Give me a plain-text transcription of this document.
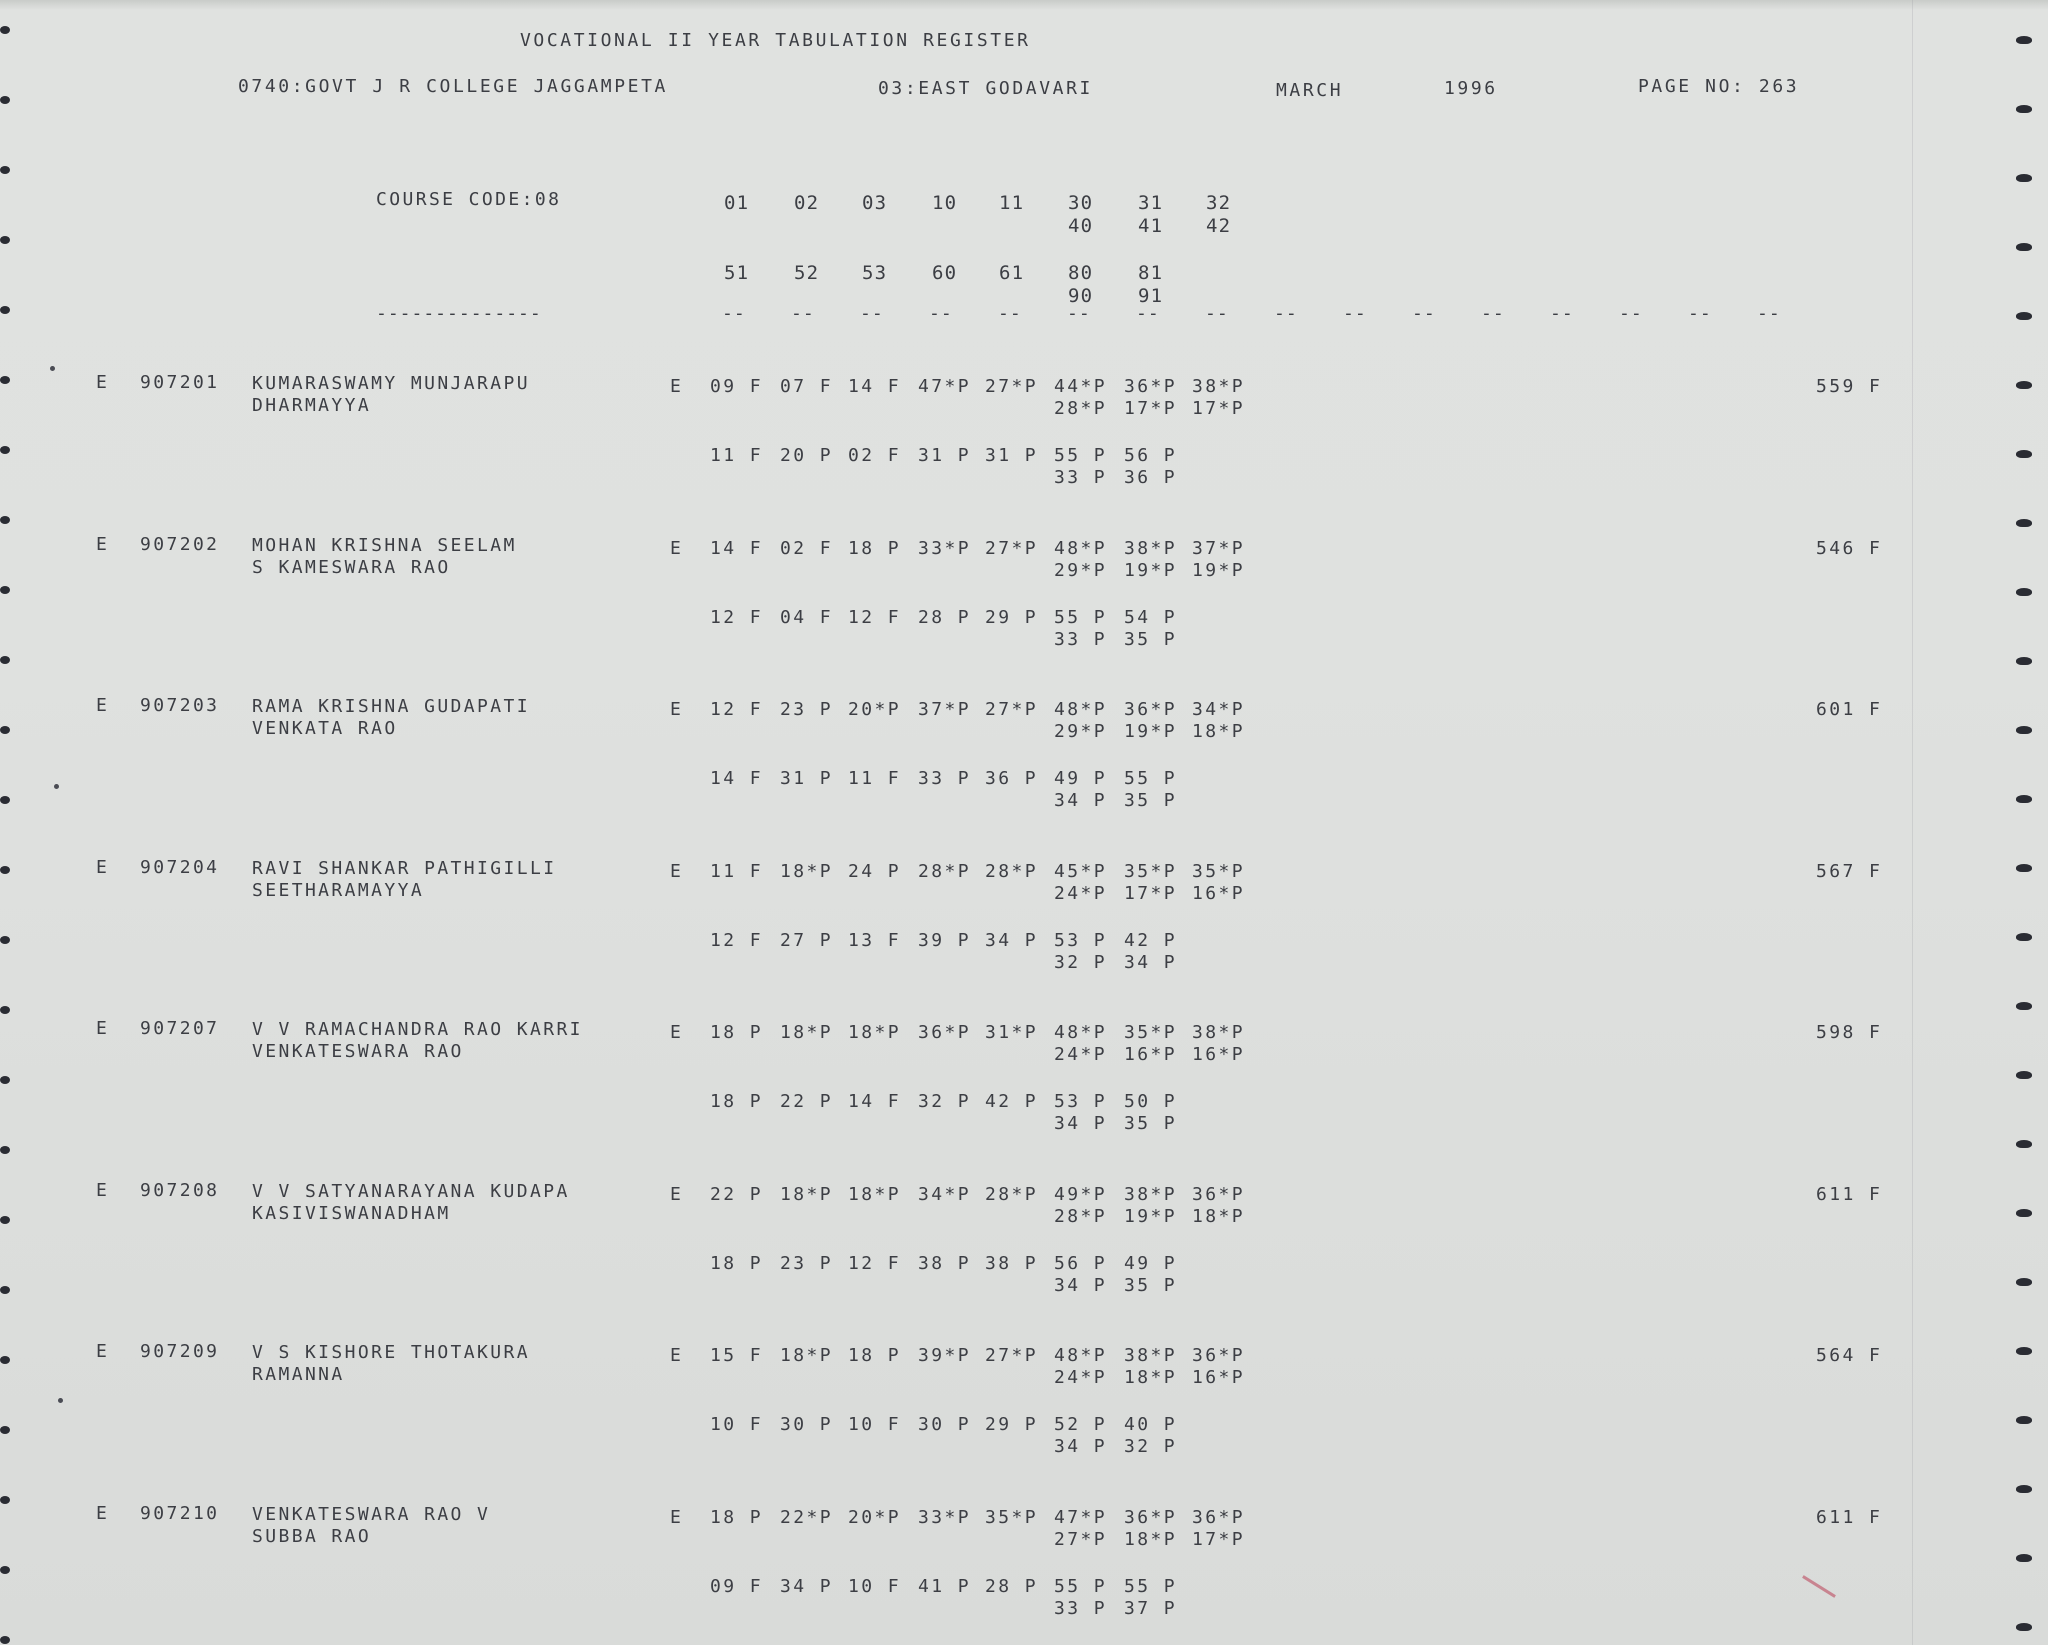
VOCATIONAL II YEAR TABULATION REGISTER
0740:GOVT J R COLLEGE JAGGAMPETA	03:EAST GODAVARI	MARCH	1996	PAGE NO: 263
COURSE CODE:08	01 02 03 10 11 30 31 32
40 41 42
51 52 53 60 61 80 81
90 91
--------------	--	--	--	--	--	--	--	--	--	--	--	--	--	--	--	--
E 907201 KUMARASWAMY MUNJARAPU
DHARMAYYA
E 09 F 07 F 14 F 47*P 27*P 44*P 36*P 38*P
28*P 17*P 17*P
11 F 20 P 02 F 31 P 31 P 55 P 56 P
33 P 36 P
559 F
E 907202 MOHAN KRISHNA SEELAM
S KAMESWARA RAO
E 14 F 02 F 18 P 33*P 27*P 48*P 38*P 37*P
29*P 19*P 19*P
12 F 04 F 12 F 28 P 29 P 55 P 54 P
33 P 35 P
546 F
E 907203 RAMA KRISHNA GUDAPATI
VENKATA RAO
E 12 F 23 P 20*P 37*P 27*P 48*P 36*P 34*P
29*P 19*P 18*P
14 F 31 P 11 F 33 P 36 P 49 P 55 P
34 P 35 P
601 F
E 907204 RAVI SHANKAR PATHIGILLI
SEETHARAMAYYA
E 11 F 18*P 24 P 28*P 28*P 45*P 35*P 35*P
24*P 17*P 16*P
12 F 27 P 13 F 39 P 34 P 53 P 42 P
32 P 34 P
567 F
E 907207 V V RAMACHANDRA RAO KARRI
VENKATESWARA RAO
E 18 P 18*P 18*P 36*P 31*P 48*P 35*P 38*P
24*P 16*P 16*P
18 P 22 P 14 F 32 P 42 P 53 P 50 P
34 P 35 P
598 F
E 907208 V V SATYANARAYANA KUDAPA
KASIVISWANADHAM
E 22 P 18*P 18*P 34*P 28*P 49*P 38*P 36*P
28*P 19*P 18*P
18 P 23 P 12 F 38 P 38 P 56 P 49 P
34 P 35 P
611 F
E 907209 V S KISHORE THOTAKURA
RAMANNA
E 15 F 18*P 18 P 39*P 27*P 48*P 38*P 36*P
24*P 18*P 16*P
10 F 30 P 10 F 30 P 29 P 52 P 40 P
34 P 32 P
564 F
E 907210 VENKATESWARA RAO V
SUBBA RAO
E 18 P 22*P 20*P 33*P 35*P 47*P 36*P 36*P
27*P 18*P 17*P
09 F 34 P 10 F 41 P 28 P 55 P 55 P
33 P 37 P
611 F
